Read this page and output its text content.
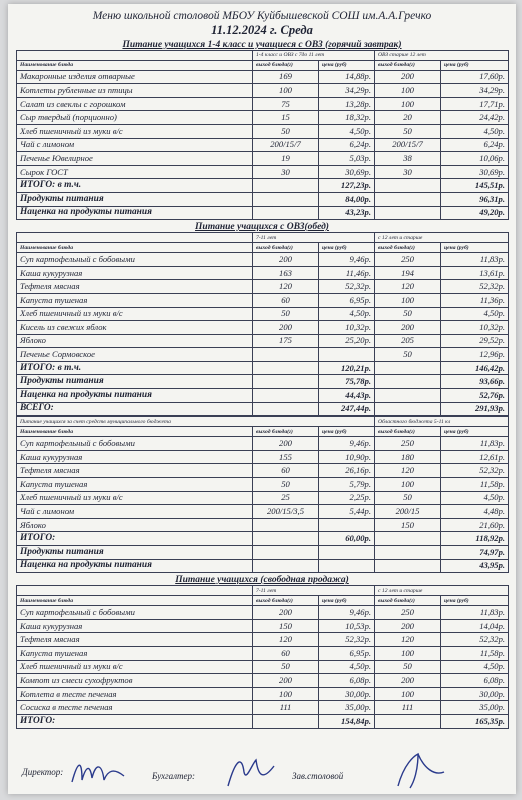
Меню школьной столовой МБОУ Куйбышевской СОШ им.А.А.Гречко
11.12.2024 г. Среда
Питание учащихся 1-4 класс и учащиеся с ОВЗ (горячий завтрак)
	1-4 класс и ОВЗ с 7до 11 лет		ОВЗ старше 12 лет	
Наименование блюда	выход блюда(г)	цена (руб)	выход блюда(г)	цена (руб)
Макаронные изделия отварные	169	14,88р.	200	17,60р.
Котлеты рубленные из птицы	100	34,29р.	100	34,29р.
Салат из свеклы с горошком	75	13,28р.	100	17,71р.
Сыр твердый (порционно)	15	18,32р.	20	24,42р.
Хлеб пшеничный из муки в/с	50	4,50р.	50	4,50р.
Чай с лимоном	200/15/7	6,24р.	200/15/7	6,24р.
Печенье Ювелирное	19	5,03р.	38	10,06р.
Сырок ГОСТ	30	30,69р.	30	30,69р.
ИТОГО: в т.ч.		127,23р.		145,51р.
Продукты питания		84,00р.		96,31р.
Наценка на продукты питания		43,23р.		49,20р.
Питание учащихся с ОВЗ(обед)
	7-11 лет		с 12 лет и старше	
Наименование блюда	выход блюда(г)	цена (руб)	выход блюда(г)	цена (руб)
Суп картофельный с бобовыми	200	9,46р.	250	11,83р.
Каша кукурузная	163	11,46р.	194	13,61р.
Тефтеля мясная	120	52,32р.	120	52,32р.
Капуста тушеная	60	6,95р.	100	11,36р.
Хлеб пшеничный из муки в/с	50	4,50р.	50	4,50р.
Кисель из свежих яблок	200	10,32р.	200	10,32р.
Яблоко	175	25,20р.	205	29,52р.
Печенье Сормовское			50	12,96р.
ИТОГО: в т.ч.		120,21р.		146,42р.
Продукты питания		75,78р.		93,66р.
Наценка на продукты питания		44,43р.		52,76р.
ВСЕГО:		247,44р.		291,93р.
Питание учащихся за счет средств муниципального бюджета			Областного бюджета 5-11 кл	
Наименование блюда	выход блюда(г)	цена (руб)	выход блюда(г)	цена (руб)
Суп картофельный с бобовыми	200	9,46р.	250	11,83р.
Каша кукурузная	155	10,90р.	180	12,61р.
Тефтеля мясная	60	26,16р.	120	52,32р.
Капуста тушеная	50	5,79р.	100	11,58р.
Хлеб пшеничный из муки в/с	25	2,25р.	50	4,50р.
Чай с лимоном	200/15/3,5	5,44р.	200/15	4,48р.
Яблоко			150	21,60р.
ИТОГО:		60,00р.		118,92р.
Продукты питания				74,97р.
Наценка на продукты питания				43,95р.
Питание учащихся (свободная продажа)
	7-11 лет		с 12 лет и старше	
Наименование блюда	выход блюда(г)	цена (руб)	выход блюда(г)	цена (руб)
Суп картофельный с бобовыми	200	9,46р.	250	11,83р.
Каша кукурузная	150	10,53р.	200	14,04р.
Тефтеля мясная	120	52,32р.	120	52,32р.
Капуста тушеная	60	6,95р.	100	11,58р.
Хлеб пшеничный из муки в/с	50	4,50р.	50	4,50р.
Компот из смеси сухофруктов	200	6,08р.	200	6,08р.
Котлета в тесте печеная	100	30,00р.	100	30,00р.
Сосиска в тесте печеная	111	35,00р.	111	35,00р.
ИТОГО:		154,84р.		165,35р.
Директор:	Бухгалтер:	Зав.столовой
